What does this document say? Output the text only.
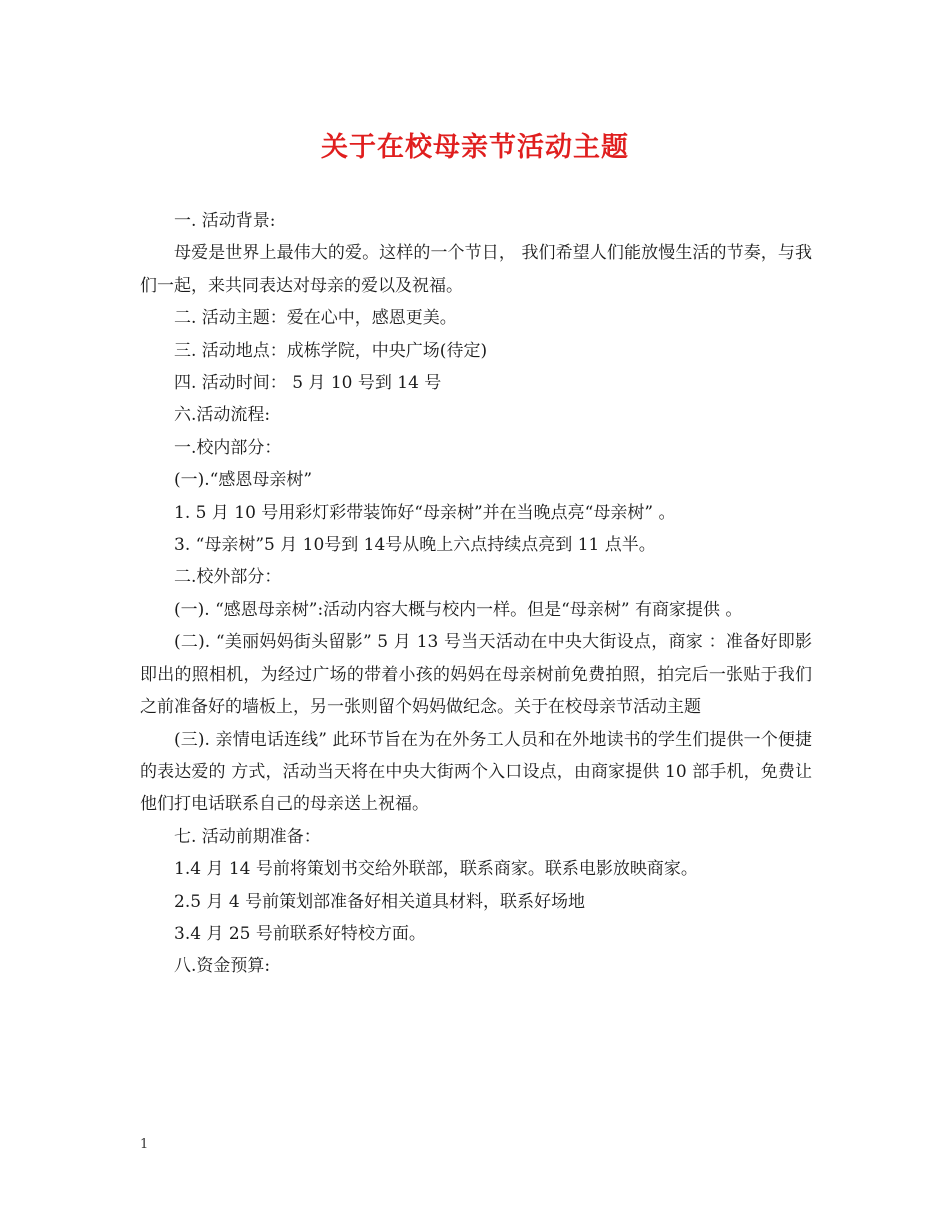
关于在校母亲节活动主题

一. 活动背景:

母爱是世界上最伟大的爱。这样的一个节日， 我们希望人们能放慢生活的节奏，与我们一起，来共同表达对母亲的爱以及祝福。

二. 活动主题：爱在心中，感恩更美。

三. 活动地点：成栋学院，中央广场(待定)

四. 活动时间： 5 月 10 号到 14 号

六.活动流程:

一.校内部分：

(一).“感恩母亲树”

1. 5 月 10 号用彩灯彩带装饰好“母亲树”并在当晚点亮“母亲树” 。

3. “母亲树”5 月 10号到 14号从晚上六点持续点亮到 11 点半。

二.校外部分：

(一). “感恩母亲树”:活动内容大概与校内一样。但是“母亲树” 有商家提供 。

(二). “美丽妈妈街头留影” 5 月 13 号当天活动在中央大街设点，商家 ：准备好即影即出的照相机，为经过广场的带着小孩的妈妈在母亲树前免费拍照，拍完后一张贴于我们之前准备好的墙板上，另一张则留个妈妈做纪念。关于在校母亲节活动主题

(三). 亲情电话连线” 此环节旨在为在外务工人员和在外地读书的学生们提供一个便捷的表达爱的 方式，活动当天将在中央大街两个入口设点，由商家提供 10 部手机，免费让他们打电话联系自己的母亲送上祝福。

七. 活动前期准备：

1.4 月 14 号前将策划书交给外联部，联系商家。联系电影放映商家。

2.5 月 4 号前策划部准备好相关道具材料，联系好场地

3.4 月 25 号前联系好特校方面。

八.资金预算:

1
